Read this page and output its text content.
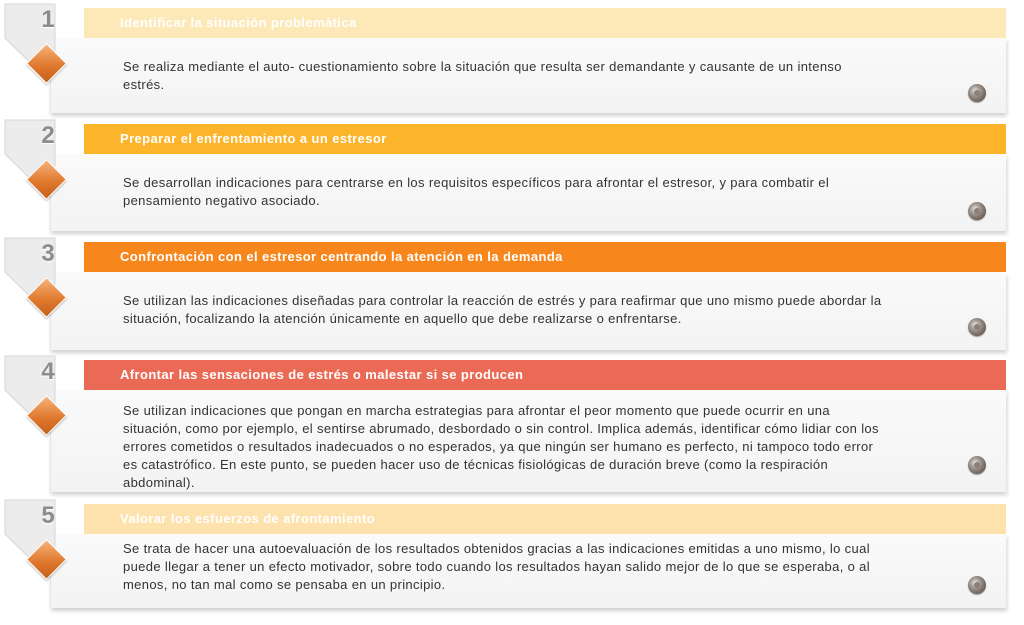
Se realiza mediante el auto- cuestionamiento sobre la situación que resulta ser demandante y causante de un intenso estrés.
Identificar la situación problemática
1
Se desarrollan indicaciones para centrarse en los requisitos específicos para afrontar el estresor, y para combatir el pensamiento negativo asociado.
Preparar el enfrentamiento a un estresor
2
Se utilizan las indicaciones diseñadas para controlar la reacción de estrés y para reafirmar que uno mismo puede abordar la situación, focalizando la atención únicamente en aquello que debe realizarse o enfrentarse.
Confrontación con el estresor centrando la atención en la demanda
3
Se utilizan indicaciones que pongan en marcha estrategias para afrontar el peor momento que puede ocurrir en una situación, como por ejemplo, el sentirse abrumado, desbordado o sin control. Implica además, identificar cómo lidiar con los errores cometidos o resultados inadecuados o no esperados, ya que ningún ser humano es perfecto, ni tampoco todo error es catastrófico. En este punto, se pueden hacer uso de técnicas fisiológicas de duración breve (como la respiración abdominal).
Afrontar las sensaciones de estrés o malestar si se producen
4
Se trata de hacer una autoevaluación de los resultados obtenidos gracias a las indicaciones emitidas a uno mismo, lo cual puede llegar a tener un efecto motivador, sobre todo cuando los resultados hayan salido mejor de lo que se esperaba, o al menos, no tan mal como se pensaba en un principio.
Valorar los esfuerzos de afrontamiento
5
